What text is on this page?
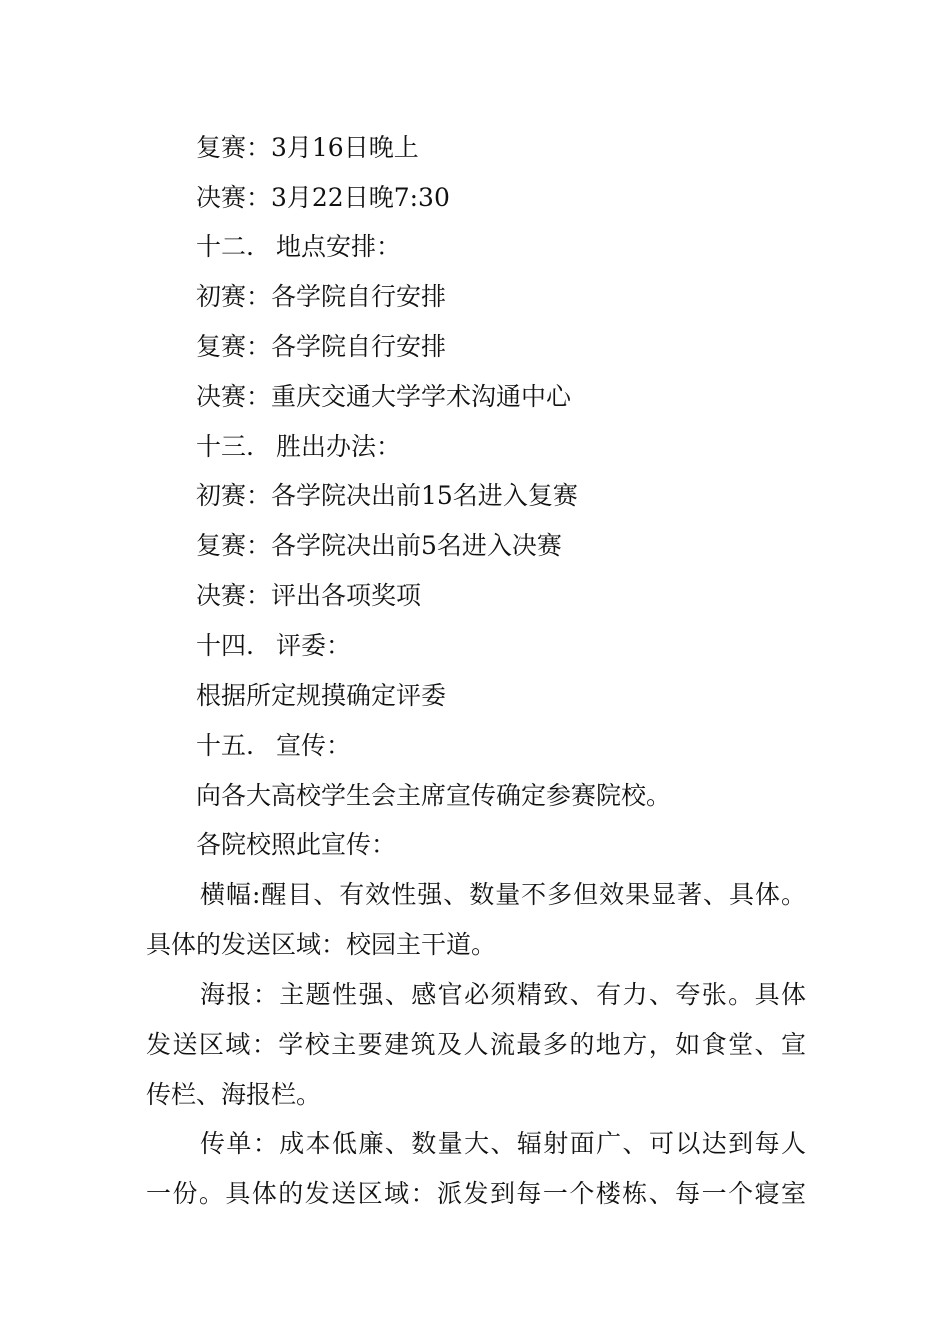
复赛：3月16日晚上
决赛：3月22日晚7:30
十二. 地点安排：
初赛：各学院自行安排
复赛：各学院自行安排
决赛：重庆交通大学学术沟通中心
十三. 胜出办法：
初赛：各学院决出前15名进入复赛
复赛：各学院决出前5名进入决赛
决赛：评出各项奖项
十四. 评委：
根据所定规摸确定评委
十五. 宣传：
向各大高校学生会主席宣传确定参赛院校。
各院校照此宣传：
横幅:醒目、有效性强、数量不多但效果显著、具体。
具体的发送区域：校园主干道。
海报：主题性强、感官必须精致、有力、夸张。具体
发送区域：学校主要建筑及人流最多的地方，如食堂、宣
传栏、海报栏。
传单：成本低廉、数量大、辐射面广、可以达到每人
一份。具体的发送区域：派发到每一个楼栋、每一个寝室
